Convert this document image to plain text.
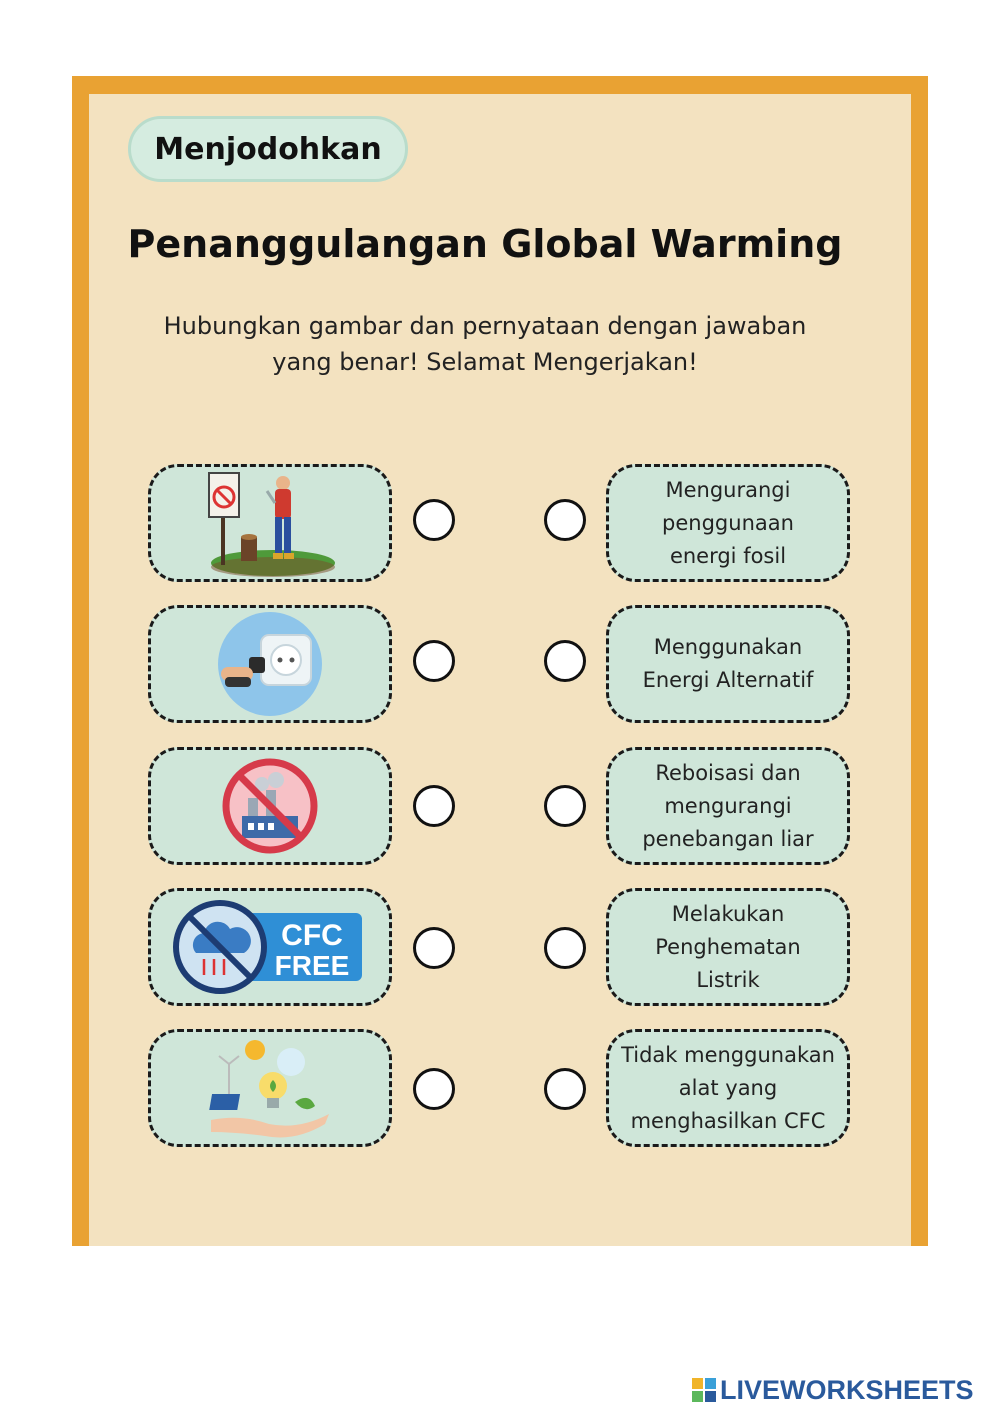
Menjodohkan
Penanggulangan Global Warming
Hubungkan gambar dan pernyataan dengan jawaban
yang benar! Selamat Mengerjakan!
Mengurangi
penggunaan
energi fosil
Menggunakan
Energi Alternatif
Reboisasi dan
mengurangi
penebangan liar
CFC
FREE
Melakukan
Penghematan
Listrik
Tidak menggunakan
alat yang
menghasilkan CFC
LIVEWORKSHEETS
